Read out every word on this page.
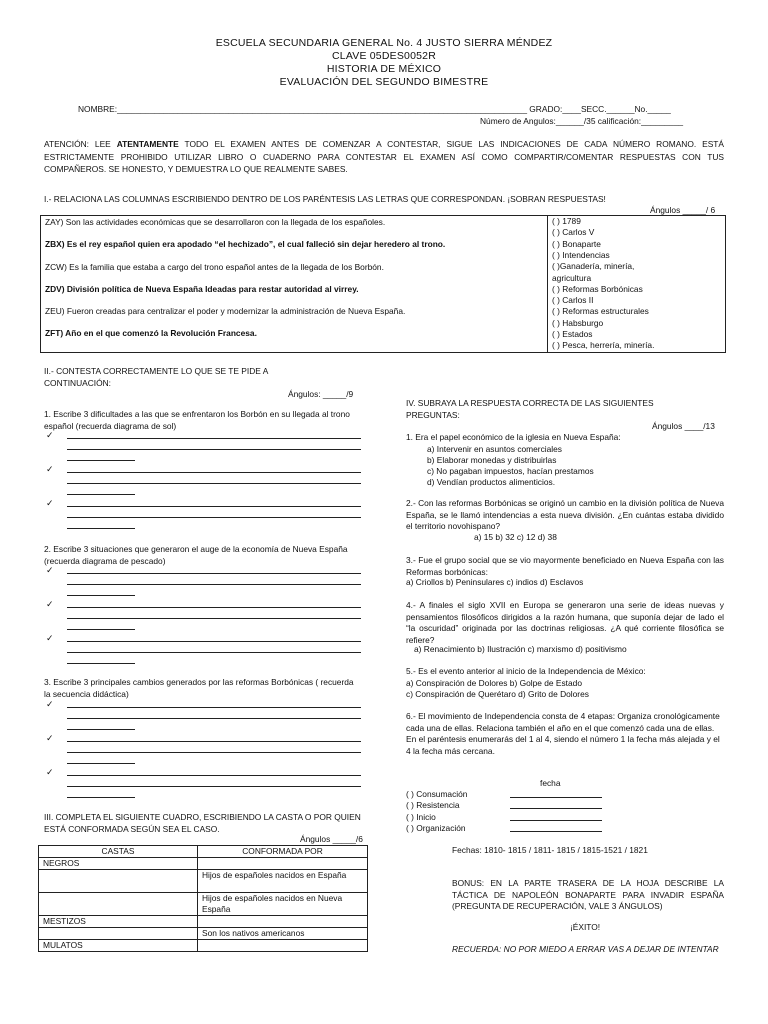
ESCUELA SECUNDARIA GENERAL No. 4 JUSTO SIERRA MÉNDEZ
CLAVE 05DES0052R
HISTORIA DE MÉXICO
EVALUACIÓN DEL SEGUNDO BIMESTRE
NOMBRE:________________________________________________________________________________________ GRADO:____SECC.______No._____
Número de Angulos:______/35 calificación:_________
ATENCIÓN: LEE ATENTAMENTE TODO EL EXAMEN ANTES DE COMENZAR A CONTESTAR, SIGUE LAS INDICACIONES DE CADA NÚMERO ROMANO. ESTÁ ESTRICTAMENTE PROHIBIDO UTILIZAR LIBRO O CUADERNO PARA CONTESTAR EL EXAMEN ASÍ COMO COMPARTIR/COMENTAR RESPUESTAS CON TUS COMPAÑEROS. SE HONESTO, Y DEMUESTRA LO QUE REALMENTE SABES.
I.- RELACIONA LAS COLUMNAS ESCRIBIENDO DENTRO DE LOS PARÉNTESIS LAS LETRAS QUE CORRESPONDAN. ¡SOBRAN RESPUESTAS!
Ángulos _____/ 6
ZAY) Son las actividades económicas que se desarrollaron con la llegada de los españoles.
ZBX) Es el rey español quien era apodado “el hechizado”, el cual falleció sin dejar heredero al trono.
ZCW) Es la familia que estaba a cargo del trono español antes de la llegada de los Borbón.
ZDV) División política de Nueva España Ideadas para restar autoridad al virrey.
ZEU) Fueron creadas para centralizar el poder y modernizar la administración de Nueva España.
ZFT) Año en el que comenzó la Revolución Francesa.

( ) 1789
( ) Carlos V
( ) Bonaparte
( ) Intendencias
( )Ganadería, minería,
agricultura
( ) Reformas Borbónicas
( ) Carlos II
( ) Reformas estructurales
( ) Habsburgo
( ) Estados
( ) Pesca, herrería, minería.
II.- CONTESTA CORRECTAMENTE LO QUE SE TE PIDE A CONTINUACIÓN:
Ángulos: _____/9
1. Escribe 3 dificultades a las que se enfrentaron los Borbón en su llegada al trono español (recuerda diagrama de sol)
✓
✓
✓
2. Escribe 3 situaciones que generaron el auge de la economía de Nueva España (recuerda diagrama de pescado)
✓
✓
✓
3. Escribe 3 principales cambios generados por las reformas Borbónicas ( recuerda la secuencia didáctica)
✓
✓
✓
III. COMPLETA EL SIGUIENTE CUADRO, ESCRIBIENDO LA CASTA O POR QUIEN ESTÁ CONFORMADA SEGÚN SEA EL CASO.
Ángulos _____/6
CASTAS	CONFORMADA POR
NEGROS	
	Hijos de españoles nacidos en España
	Hijos de españoles nacidos en Nueva España
MESTIZOS	
	Son los nativos americanos
MULATOS	
IV. SUBRAYA LA RESPUESTA CORRECTA DE LAS SIGUIENTES PREGUNTAS:
Ángulos ____/13
1. Era el papel económico de la iglesia en Nueva España:
a) Intervenir en asuntos comerciales
b) Elaborar monedas y distribuirlas
c) No pagaban impuestos, hacían prestamos
d) Vendían productos alimenticios.
2.- Con las reformas Borbónicas se originó un cambio en la división política de Nueva España, se le llamó intendencias a esta nueva división. ¿En cuántas estaba dividido el territorio novohispano?
a) 15 b) 32 c) 12 d) 38
3.- Fue el grupo social que se vio mayormente beneficiado en Nueva España con las Reformas borbónicas:
a) Criollos b) Peninsulares c) indios d) Esclavos
4.- A finales el siglo XVII en Europa se generaron una serie de ideas nuevas y pensamientos filosóficos dirigidos a la razón humana, que suponía dejar de lado el “la oscuridad” originada por las doctrinas religiosas. ¿A qué corriente filosófica se refiere?
a) Renacimiento b) Ilustración c) marxismo d) positivismo
5.- Es el evento anterior al inicio de la Independencia de México:
a) Conspiración de Dolores b) Golpe de Estado
c) Conspiración de Querétaro d) Grito de Dolores
6.- El movimiento de Independencia consta de 4 etapas: Organiza cronológicamente cada una de ellas. Relaciona también el año en el que comenzó cada una de ellas. En el paréntesis enumerarás del 1 al 4, siendo el número 1 la fecha más alejada y el 4 la fecha más cercana.
fecha
( ) Consumación
( ) Resistencia
( ) Inicio
( ) Organización
Fechas: 1810- 1815 / 1811- 1815 / 1815-1521 / 1821
BONUS: EN LA PARTE TRASERA DE LA HOJA DESCRIBE LA TÁCTICA DE NAPOLEÓN BONAPARTE PARA INVADIR ESPAÑA (PREGUNTA DE RECUPERACIÓN, VALE 3 ÁNGULOS)
¡ÉXITO!
RECUERDA: NO POR MIEDO A ERRAR VAS A DEJAR DE INTENTAR
